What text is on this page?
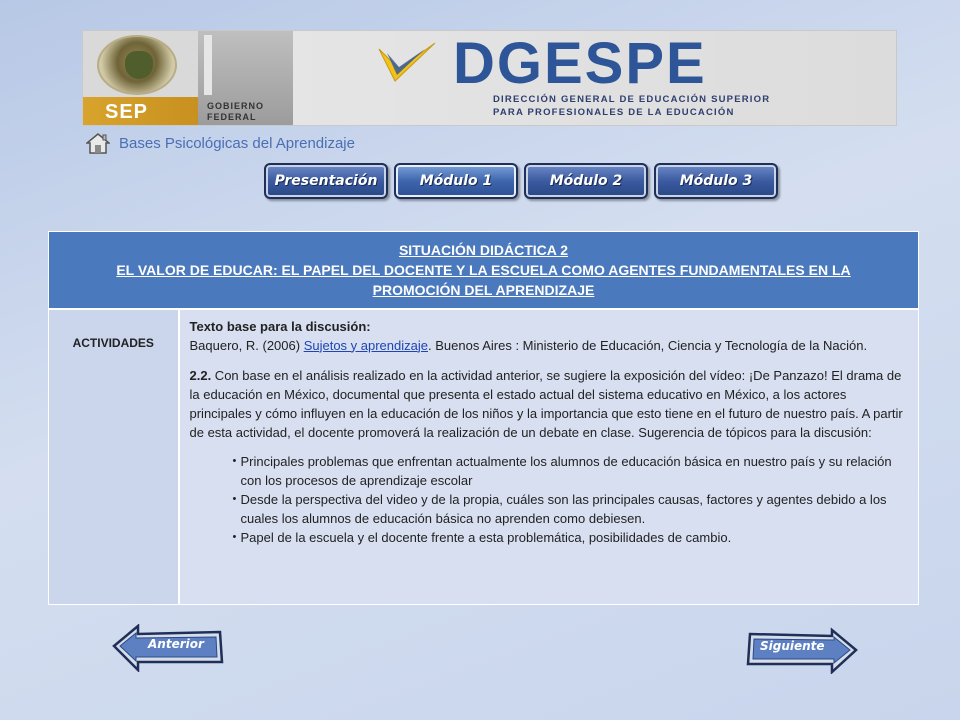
SEP	GOBIERNO FEDERAL
DGESPE
DIRECCIÓN GENERAL DE EDUCACIÓN SUPERIOR
PARA PROFESIONALES DE LA EDUCACIÓN
Bases Psicológicas del Aprendizaje
Presentación	Módulo 1	Módulo 2	Módulo 3
SITUACIÓN DIDÁCTICA 2
EL VALOR DE EDUCAR: EL PAPEL DEL DOCENTE Y LA ESCUELA COMO AGENTES FUNDAMENTALES EN LA
PROMOCIÓN DEL APRENDIZAJE

ACTIVIDADES	
Texto base para la discusión:
Baquero, R. (2006) Sujetos y aprendizaje. Buenos Aires : Ministerio de Educación, Ciencia y Tecnología de la Nación.
2.2. Con base en el análisis realizado en la actividad anterior, se sugiere la exposición del vídeo: ¡De Panzazo! El drama de la educación en México, documental que presenta el estado actual del sistema educativo en México, a los actores principales y cómo influyen en la educación de los niños y la importancia que esto tiene en el futuro de nuestro país. A partir de esta actividad, el docente promoverá la realización de un debate en clase. Sugerencia de tópicos para la discusión:
• Principales problemas que enfrentan actualmente los alumnos de educación básica en nuestro país y su relación con los procesos de aprendizaje escolar
• Desde la perspectiva del video y de la propia, cuáles son las principales causas, factores y agentes debido a los cuales los alumnos de educación básica no aprenden como debiesen.
• Papel de la escuela y el docente frente a esta problemática, posibilidades de cambio.
Anterior	Siguiente
